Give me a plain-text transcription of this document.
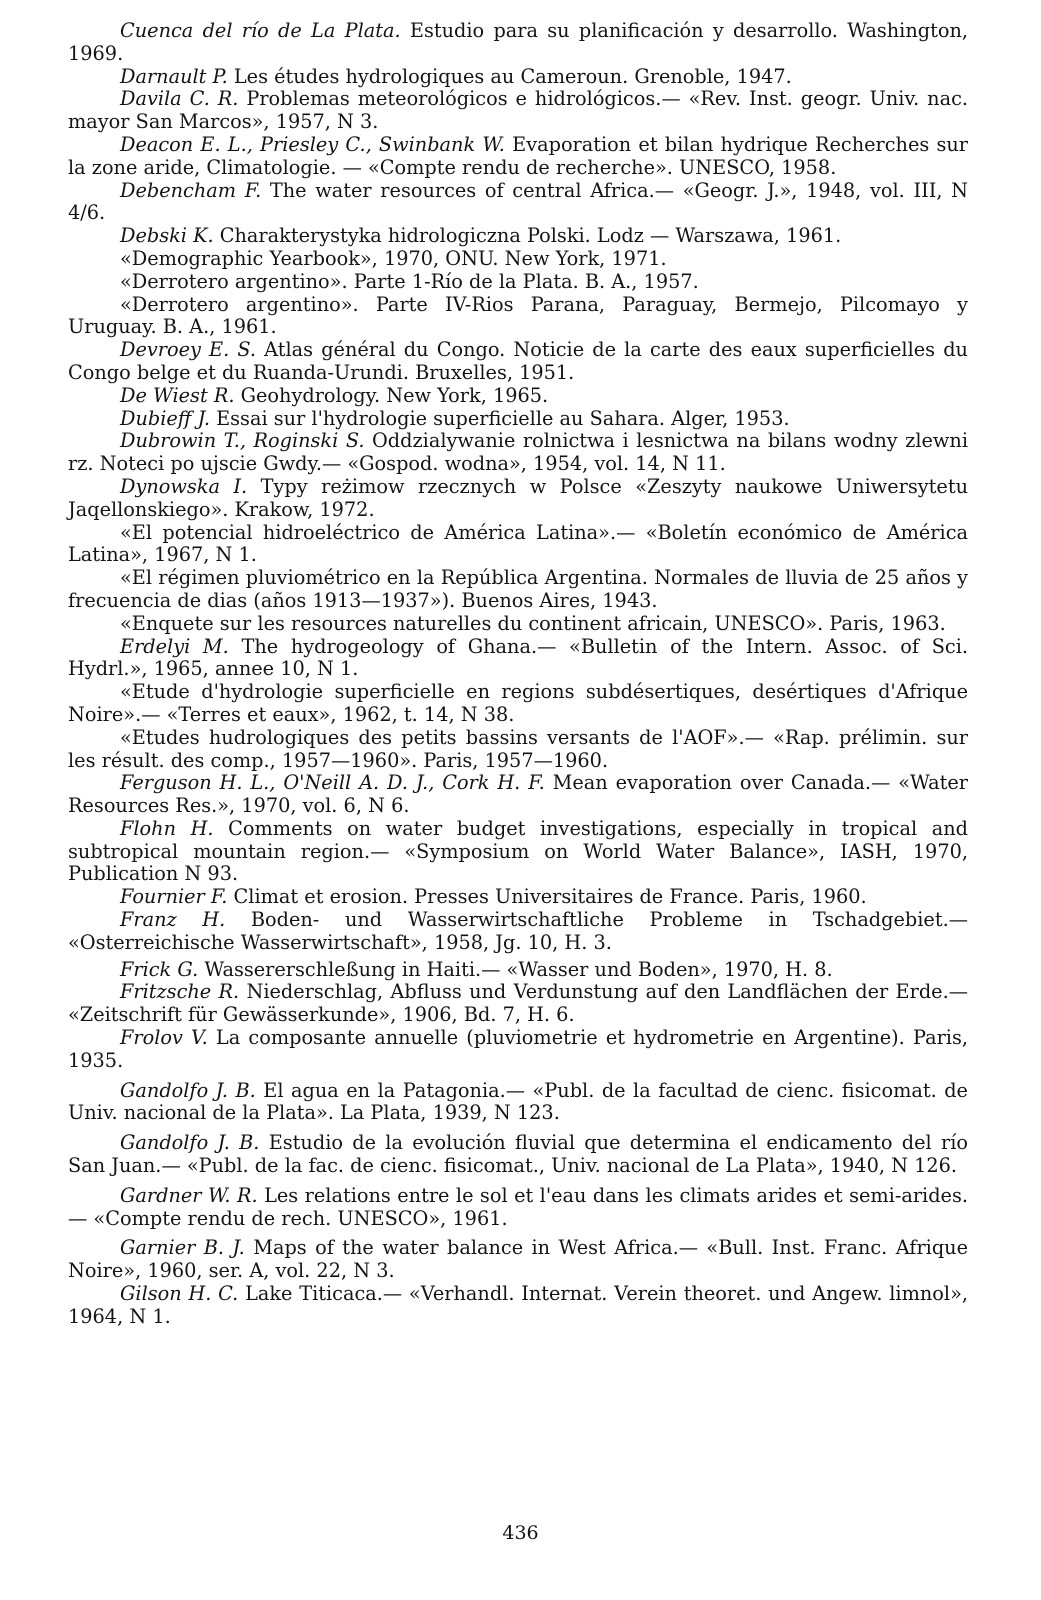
Cuenca del río de La Plata. Estudio para su planificación y desarrollo. Washington, 1969.

Darnault P. Les études hydrologiques au Cameroun. Grenoble, 1947.

Davila C. R. Problemas meteorológicos e hidrológicos.— «Rev. Inst. geogr. Univ. nac. mayor San Marcos», 1957, N 3.

Deacon E. L., Priesley C., Swinbank W. Evaporation et bilan hydrique Recherches sur la zone aride, Climatologie. — «Compte rendu de recherche». UNESCO, 1958.

Debencham F. The water resources of central Africa.— «Geogr. J.», 1948, vol. III, N 4/6.

Debski K. Charakterystyka hidrologiczna Polski. Lodz — Warszawa, 1961.

«Demographic Yearbook», 1970, ONU. New York, 1971.

«Derrotero argentino». Parte 1-Río de la Plata. B. A., 1957.

«Derrotero argentino». Parte IV-Rios Parana, Paraguay, Bermejo, Pilcomayo y Uruguay. B. A., 1961.

Devroey E. S. Atlas général du Congo. Noticie de la carte des eaux superficielles du Congo belge et du Ruanda-Urundi. Bruxelles, 1951.

De Wiest R. Geohydrology. New York, 1965.

Dubieff J. Essai sur l'hydrologie superficielle au Sahara. Alger, 1953.

Dubrowin T., Roginski S. Oddzialywanie rolnictwa i lesnictwa na bilans wodny zlewni rz. Noteci po ujscie Gwdy.— «Gospod. wodna», 1954, vol. 14, N 11.

Dynowska I. Typy reżimow rzecznych w Polsce «Zeszyty naukowe Uniwersytetu Jaqellonskiego». Krakow, 1972.

«El potencial hidroeléctrico de América Latina».— «Boletín económico de América Latina», 1967, N 1.

«El régimen pluviométrico en la República Argentina. Normales de lluvia de 25 años y frecuencia de dias (años 1913—1937»). Buenos Aires, 1943.

«Enquete sur les resources naturelles du continent africain, UNESCO». Paris, 1963.

Erdelyi M. The hydrogeology of Ghana.— «Bulletin of the Intern. Assoc. of Sci. Hydrl.», 1965, annee 10, N 1.

«Etude d'hydrologie superficielle en regions subdésertiques, desértiques d'Afrique Noire».— «Terres et eaux», 1962, t. 14, N 38.

«Etudes hudrologiques des petits bassins versants de l'AOF».— «Rap. prélimin. sur les résult. des comp., 1957—1960». Paris, 1957—1960.

Ferguson H. L., O'Neill A. D. J., Cork H. F. Mean evaporation over Canada.— «Water Resources Res.», 1970, vol. 6, N 6.

Flohn H. Comments on water budget investigations, especially in tropical and subtropical mountain region.— «Symposium on World Water Balance», IASH, 1970, Publication N 93.

Fournier F. Climat et erosion. Presses Universitaires de France. Paris, 1960.

Franz H. Boden- und Wasserwirtschaftliche Probleme in Tschadgebiet.— «Osterreichische Wasserwirtschaft», 1958, Jg. 10, H. 3.

Frick G. Wassererschleßung in Haiti.— «Wasser und Boden», 1970, H. 8.

Fritzsche R. Niederschlag, Abfluss und Verdunstung auf den Landflächen der Erde.— «Zeitschrift für Gewässerkunde», 1906, Bd. 7, H. 6.

Frolov V. La composante annuelle (pluviometrie et hydrometrie en Argentine). Paris, 1935.

Gandolfo J. B. El agua en la Patagonia.— «Publ. de la facultad de cienc. fisicomat. de Univ. nacional de la Plata». La Plata, 1939, N 123.

Gandolfo J. B. Estudio de la evolución fluvial que determina el endicamento del río San Juan.— «Publ. de la fac. de cienc. fisicomat., Univ. nacional de La Plata», 1940, N 126.

Gardner W. R. Les relations entre le sol et l'eau dans les climats arides et semi-arides. — «Compte rendu de rech. UNESCO», 1961.

Garnier B. J. Maps of the water balance in West Africa.— «Bull. Inst. Franc. Afrique Noire», 1960, ser. A, vol. 22, N 3.

Gilson H. C. Lake Titicaca.— «Verhandl. Internat. Verein theoret. und Angew. limnol», 1964, N 1.

436
